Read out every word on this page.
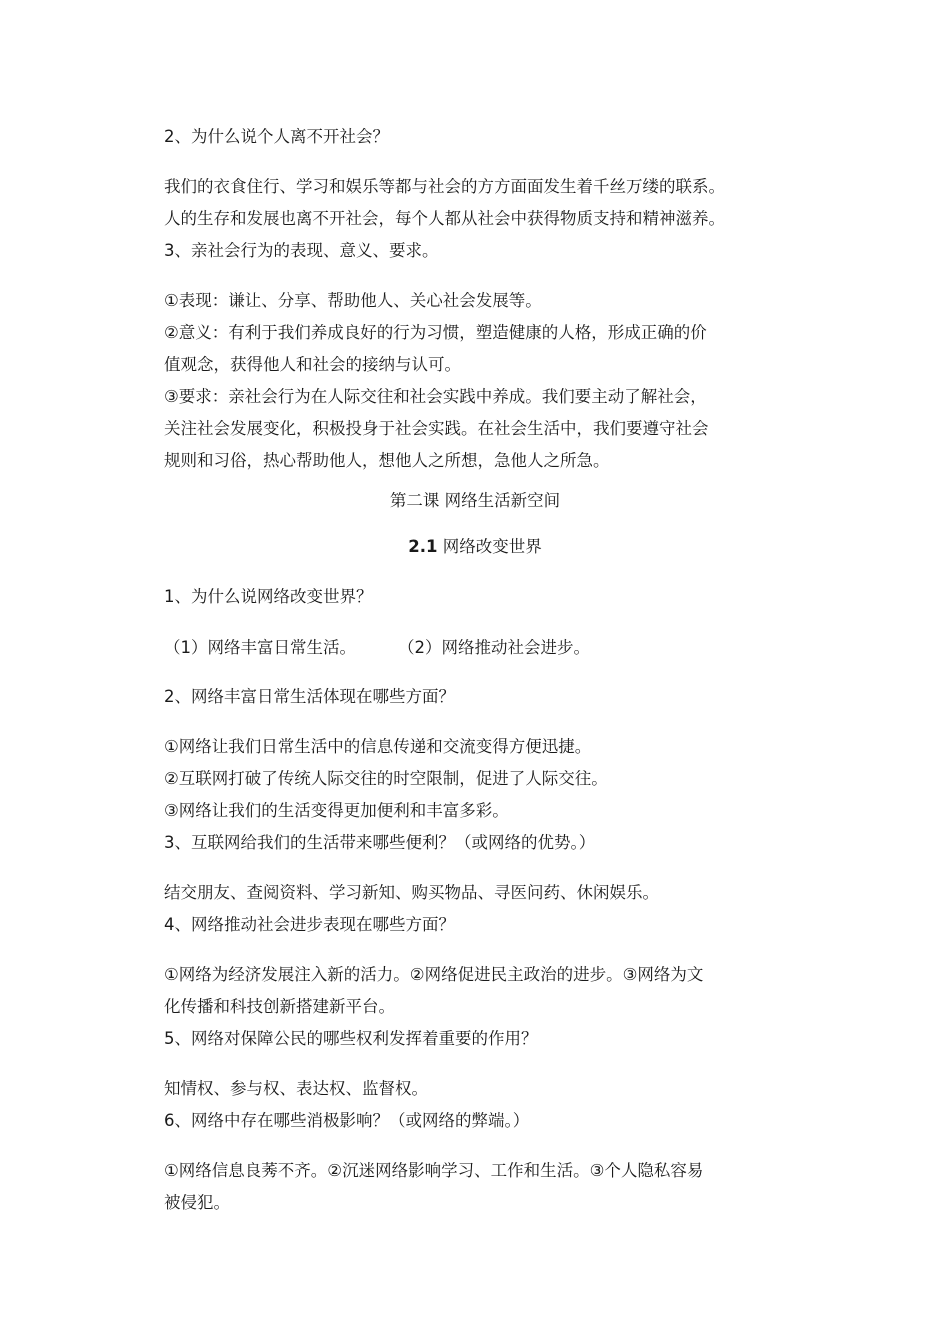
2、为什么说个人离不开社会？
我们的衣食住行、学习和娱乐等都与社会的方方面面发生着千丝万缕的联系。
人的生存和发展也离不开社会，每个人都从社会中获得物质支持和精神滋养。
3、亲社会行为的表现、意义、要求。
①表现：谦让、分享、帮助他人、关心社会发展等。
②意义：有利于我们养成良好的行为习惯，塑造健康的人格，形成正确的价
值观念，获得他人和社会的接纳与认可。
③要求：亲社会行为在人际交往和社会实践中养成。我们要主动了解社会，
关注社会发展变化，积极投身于社会实践。在社会生活中，我们要遵守社会
规则和习俗，热心帮助他人，想他人之所想，急他人之所急。
第二课 网络生活新空间
2.1 网络改变世界
1、为什么说网络改变世界？
（1）网络丰富日常生活。	（2）网络推动社会进步。
2、网络丰富日常生活体现在哪些方面？
①网络让我们日常生活中的信息传递和交流变得方便迅捷。
②互联网打破了传统人际交往的时空限制，促进了人际交往。
③网络让我们的生活变得更加便利和丰富多彩。
3、互联网给我们的生活带来哪些便利？（或网络的优势。）
结交朋友、查阅资料、学习新知、购买物品、寻医问药、休闲娱乐。
4、网络推动社会进步表现在哪些方面？
①网络为经济发展注入新的活力。②网络促进民主政治的进步。③网络为文
化传播和科技创新搭建新平台。
5、网络对保障公民的哪些权利发挥着重要的作用？
知情权、参与权、表达权、监督权。
6、网络中存在哪些消极影响？（或网络的弊端。）
①网络信息良莠不齐。②沉迷网络影响学习、工作和生活。③个人隐私容易
被侵犯。
